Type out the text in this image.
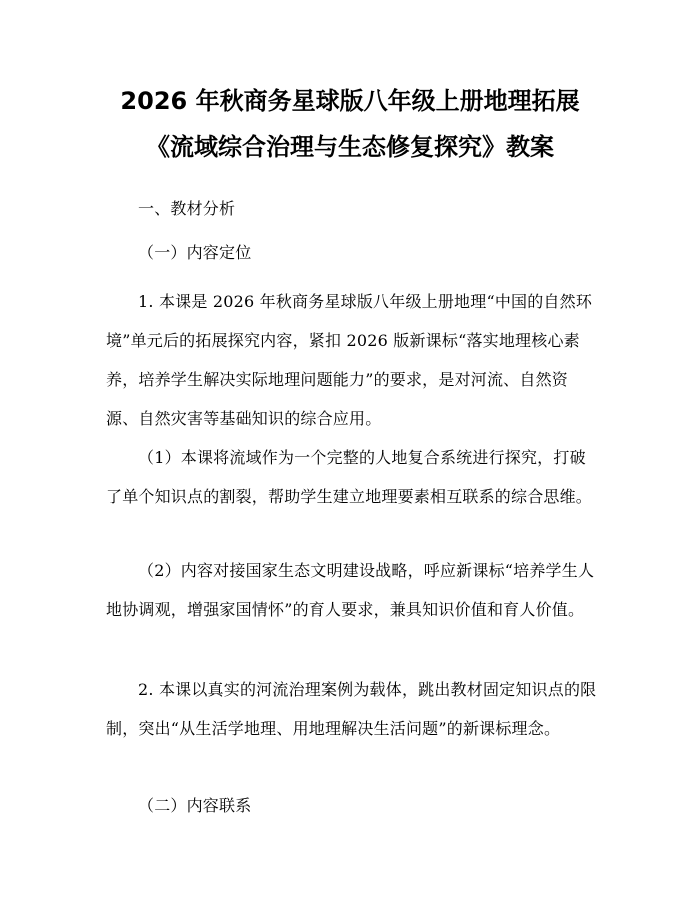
2026 年秋商务星球版八年级上册地理拓展
《流域综合治理与生态修复探究》教案

一、教材分析

（一）内容定位

1. 本课是 2026 年秋商务星球版八年级上册地理“中国的自然环境”单元后的拓展探究内容，紧扣 2026 版新课标“落实地理核心素养，培养学生解决实际地理问题能力”的要求，是对河流、自然资源、自然灾害等基础知识的综合应用。

（1）本课将流域作为一个完整的人地复合系统进行探究，打破了单个知识点的割裂，帮助学生建立地理要素相互联系的综合思维。

（2）内容对接国家生态文明建设战略，呼应新课标“培养学生人地协调观，增强家国情怀”的育人要求，兼具知识价值和育人价值。

2. 本课以真实的河流治理案例为载体，跳出教材固定知识点的限制，突出“从生活学地理、用地理解决生活问题”的新课标理念。

（二）内容联系
